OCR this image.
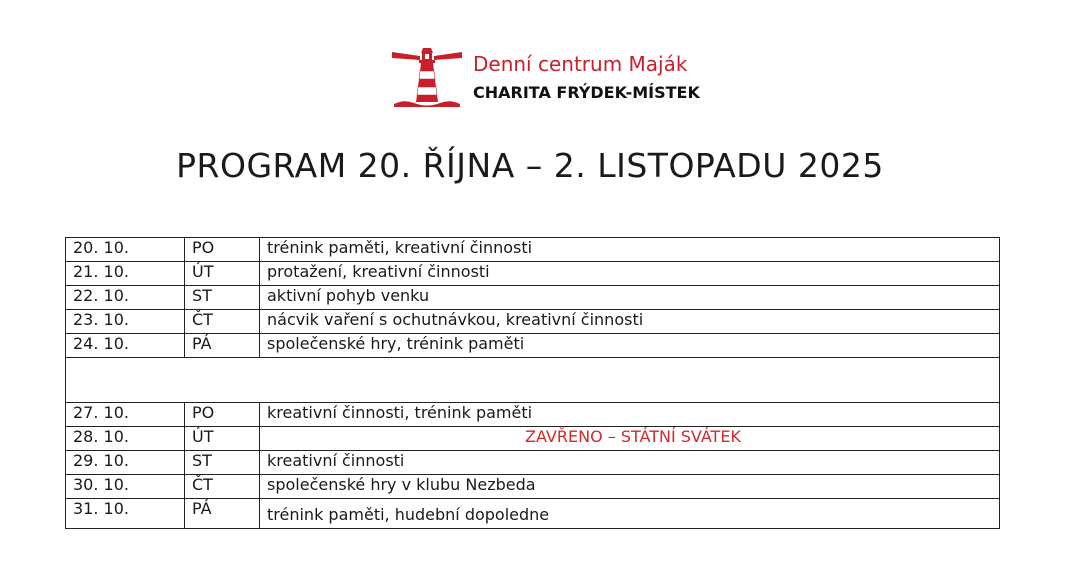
Denní centrum Maják
CHARITA FRÝDEK-MÍSTEK
PROGRAM 20. ŘÍJNA – 2. LISTOPADU 2025
20. 10.	PO	trénink paměti, kreativní činnosti
21. 10.	ÚT	protažení, kreativní činnosti
22. 10.	ST	aktivní pohyb venku
23. 10.	ČT	nácvik vaření s ochutnávkou, kreativní činnosti
24. 10.	PÁ	společenské hry, trénink paměti

27. 10.	PO	kreativní činnosti, trénink paměti
28. 10.	ÚT	ZAVŘENO – STÁTNÍ SVÁTEK
29. 10.	ST	kreativní činnosti
30. 10.	ČT	společenské hry v klubu Nezbeda
31. 10.	PÁ	trénink paměti, hudební dopoledne
